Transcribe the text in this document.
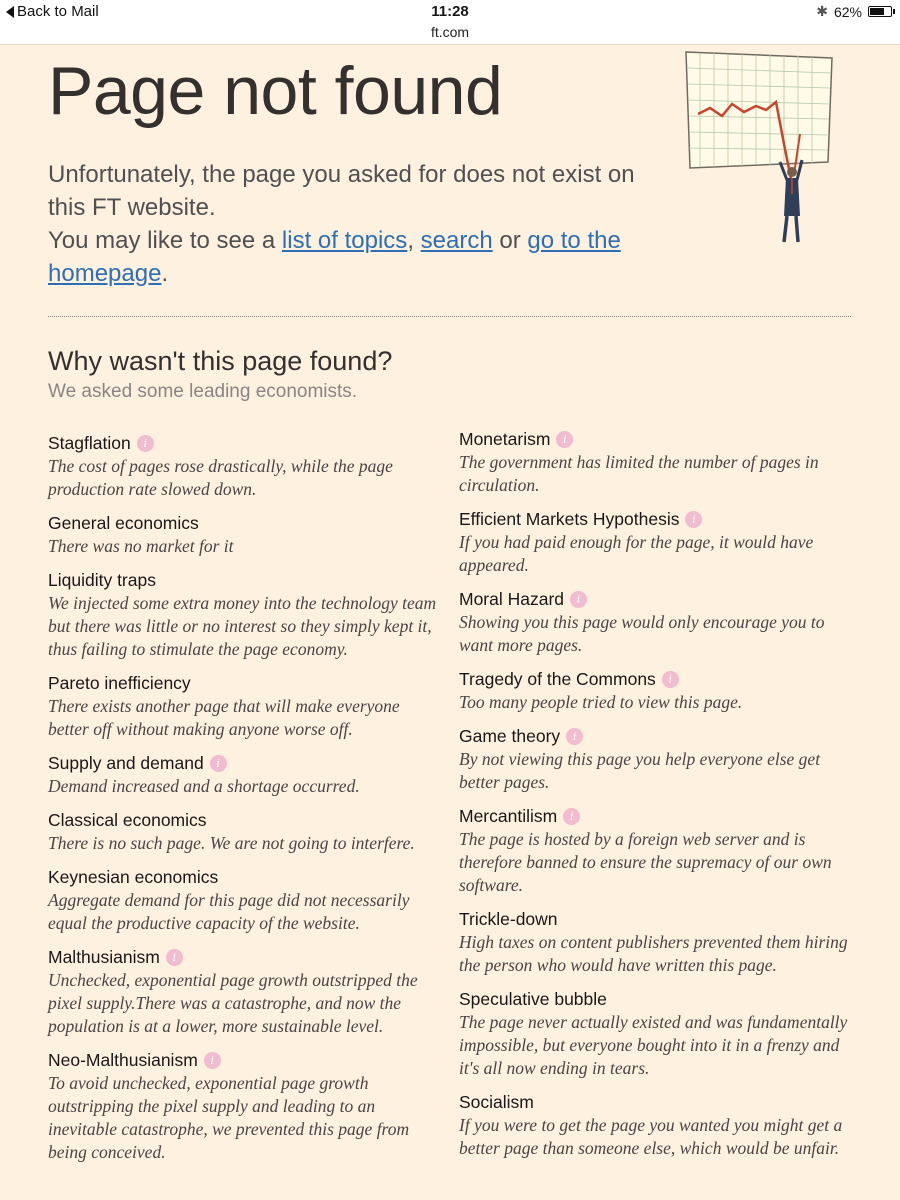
Back to Mail	11:28
ft.com
✱ 62%
Page not found

Unfortunately, the page you asked for does not exist on this FT website.

You may like to see a list of topics, search or go to the homepage.

Why wasn't this page found?
We asked some leading economists.
Stagflation	i
The cost of pages rose drastically, while the page production rate slowed down.
General economics
There was no market for it
Liquidity traps
We injected some extra money into the technology team but there was little or no interest so they simply kept it, thus failing to stimulate the page economy.
Pareto inefficiency
There exists another page that will make everyone better off without making anyone worse off.
Supply and demand	i
Demand increased and a shortage occurred.
Classical economics
There is no such page. We are not going to interfere.
Keynesian economics
Aggregate demand for this page did not necessarily equal the productive capacity of the website.
Malthusianism	i
Unchecked, exponential page growth outstripped the pixel supply.There was a catastrophe, and now the population is at a lower, more sustainable level.
Neo-Malthusianism	i
To avoid unchecked, exponential page growth outstripping the pixel supply and leading to an inevitable catastrophe, we prevented this page from being conceived.
Monetarism	i
The government has limited the number of pages in circulation.
Efficient Markets Hypothesis	i
If you had paid enough for the page, it would have appeared.
Moral Hazard	i
Showing you this page would only encourage you to want more pages.
Tragedy of the Commons	i
Too many people tried to view this page.
Game theory	i
By not viewing this page you help everyone else get better pages.
Mercantilism	i
The page is hosted by a foreign web server and is therefore banned to ensure the supremacy of our own software.
Trickle-down
High taxes on content publishers prevented them hiring the person who would have written this page.
Speculative bubble
The page never actually existed and was fundamentally impossible, but everyone bought into it in a frenzy and it's all now ending in tears.
Socialism
If you were to get the page you wanted you might get a better page than someone else, which would be unfair.
